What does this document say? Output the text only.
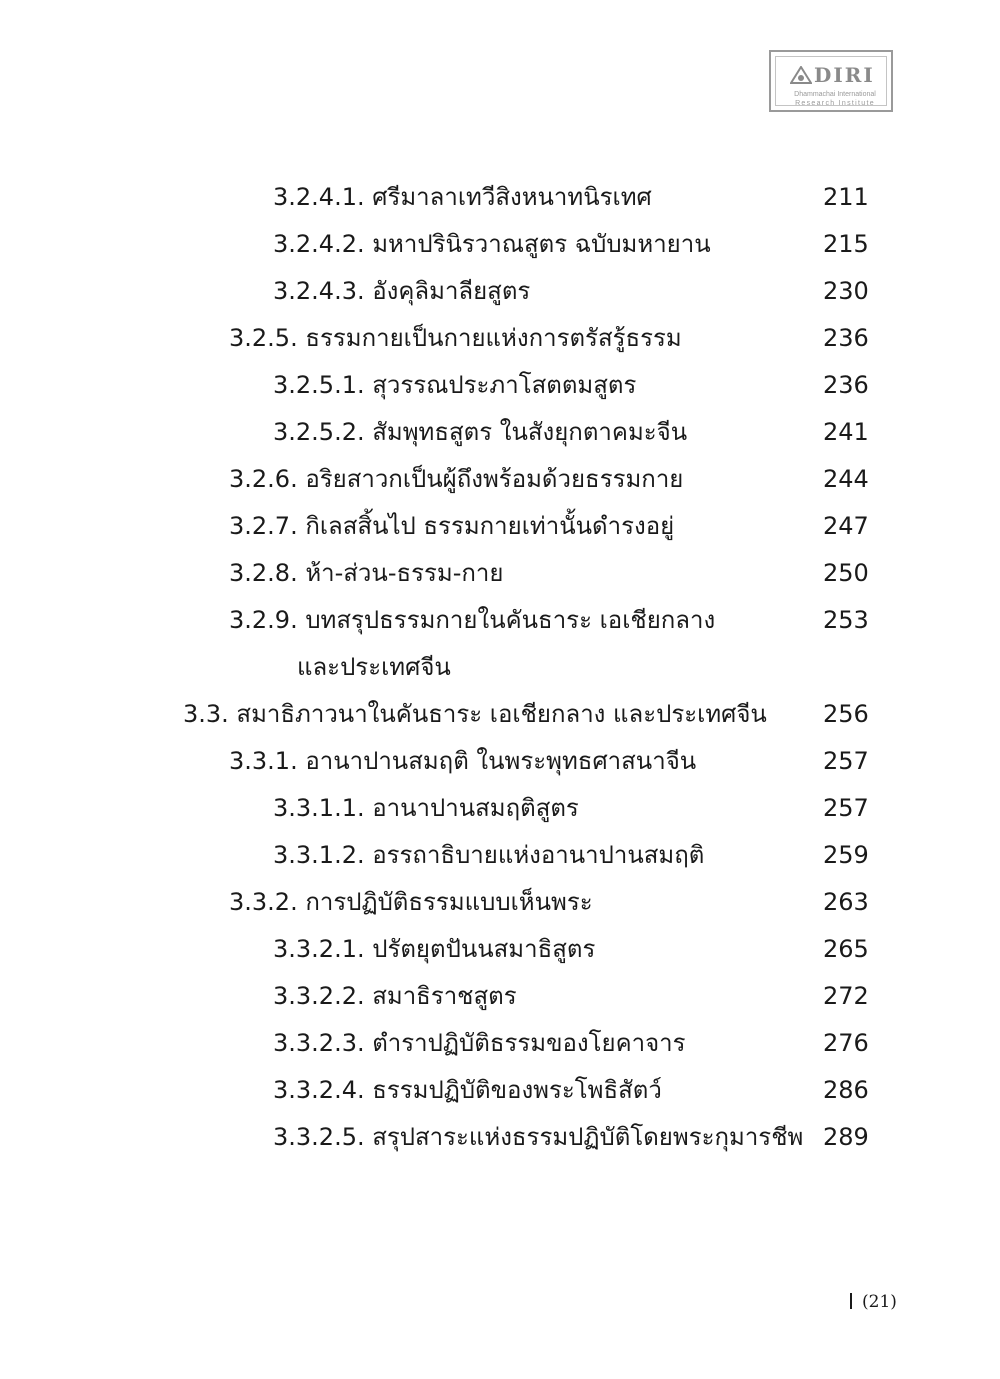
DIRI
Dhammachai International
Research Institute
3.2.4.1. ศรีมาลาเทวีสิงหนาทนิรเทศ	211
3.2.4.2. มหาปรินิรวาณสูตร ฉบับมหายาน	215
3.2.4.3. อังคุลิมาลียสูตร	230
3.2.5. ธรรมกายเป็นกายแห่งการตรัสรู้ธรรม	236
3.2.5.1. สุวรรณประภาโสตตมสูตร	236
3.2.5.2. สัมพุทธสูตร ในสังยุกตาคมะจีน	241
3.2.6. อริยสาวกเป็นผู้ถึงพร้อมด้วยธรรมกาย	244
3.2.7. กิเลสสิ้นไป ธรรมกายเท่านั้นดำรงอยู่	247
3.2.8. ห้า-ส่วน-ธรรม-กาย	250
3.2.9. บทสรุปธรรมกายในคันธาระ เอเชียกลาง	253
และประเทศจีน
3.3. สมาธิภาวนาในคันธาระ เอเชียกลาง และประเทศจีน 256
3.3.1. อานาปานสมฤติ ในพระพุทธศาสนาจีน	257
3.3.1.1. อานาปานสมฤติสูตร	257
3.3.1.2. อรรถาธิบายแห่งอานาปานสมฤติ	259
3.3.2. การปฏิบัติธรรมแบบเห็นพระ	263
3.3.2.1. ปรัตยุตปันนสมาธิสูตร	265
3.3.2.2. สมาธิราชสูตร	272
3.3.2.3. ตำราปฏิบัติธรรมของโยคาจาร	276
3.3.2.4. ธรรมปฏิบัติของพระโพธิสัตว์	286
3.3.2.5. สรุปสาระแห่งธรรมปฏิบัติโดยพระกุมารชีพ 289
(21)
